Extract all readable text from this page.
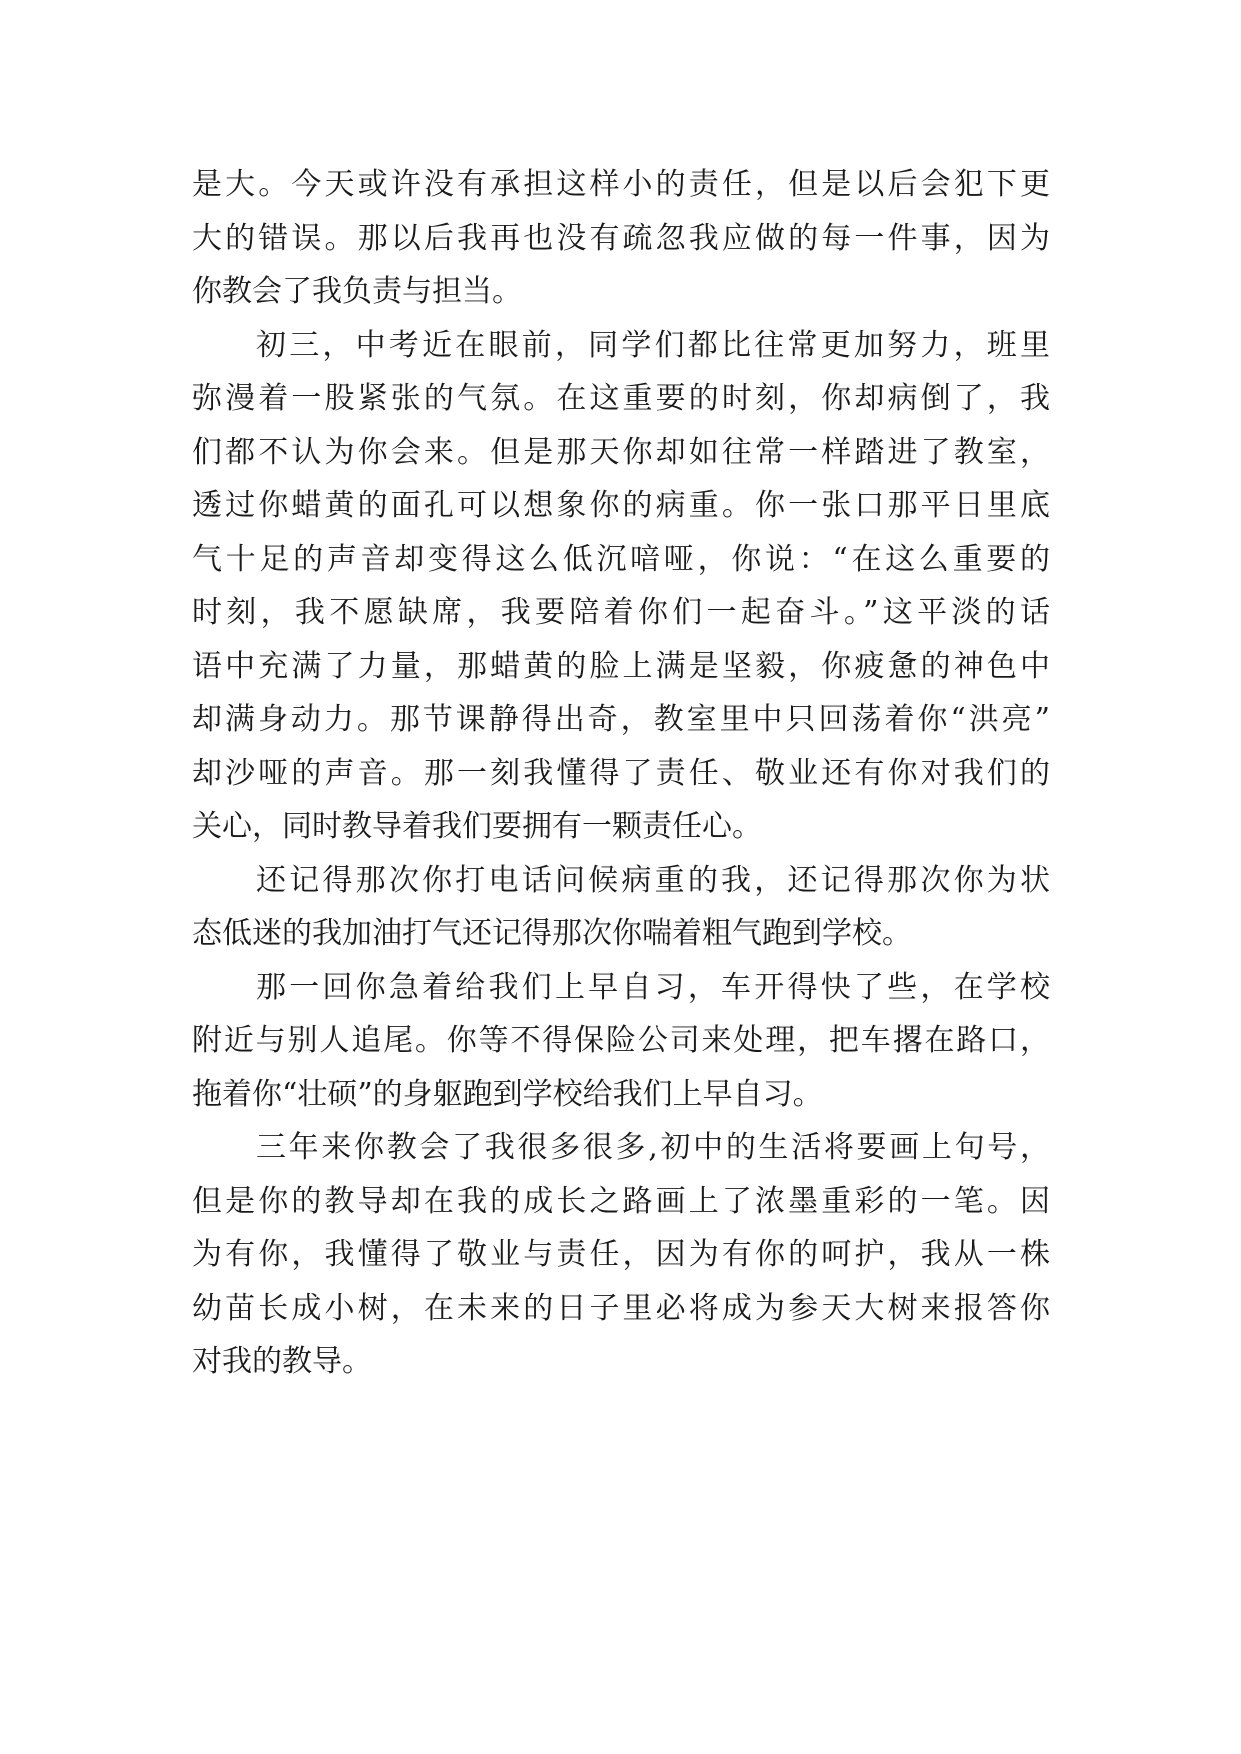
是大。今天或许没有承担这样小的责任，但是以后会犯下更
大的错误。那以后我再也没有疏忽我应做的每一件事，因为
你教会了我负责与担当。
初三，中考近在眼前，同学们都比往常更加努力，班里
弥漫着一股紧张的气氛。在这重要的时刻，你却病倒了，我
们都不认为你会来。但是那天你却如往常一样踏进了教室，
透过你蜡黄的面孔可以想象你的病重。你一张口那平日里底
气十足的声音却变得这么低沉喑哑，你说：“在这么重要的
时刻，我不愿缺席，我要陪着你们一起奋斗。”这平淡的话
语中充满了力量，那蜡黄的脸上满是坚毅，你疲惫的神色中
却满身动力。那节课静得出奇，教室里中只回荡着你“洪亮”
却沙哑的声音。那一刻我懂得了责任、敬业还有你对我们的
关心，同时教导着我们要拥有一颗责任心。
还记得那次你打电话问候病重的我，还记得那次你为状
态低迷的我加油打气还记得那次你喘着粗气跑到学校。
那一回你急着给我们上早自习，车开得快了些，在学校
附近与别人追尾。你等不得保险公司来处理，把车撂在路口，
拖着你“壮硕”的身躯跑到学校给我们上早自习。
三年来你教会了我很多很多,初中的生活将要画上句号，
但是你的教导却在我的成长之路画上了浓墨重彩的一笔。因
为有你，我懂得了敬业与责任，因为有你的呵护，我从一株
幼苗长成小树，在未来的日子里必将成为参天大树来报答你
对我的教导。
